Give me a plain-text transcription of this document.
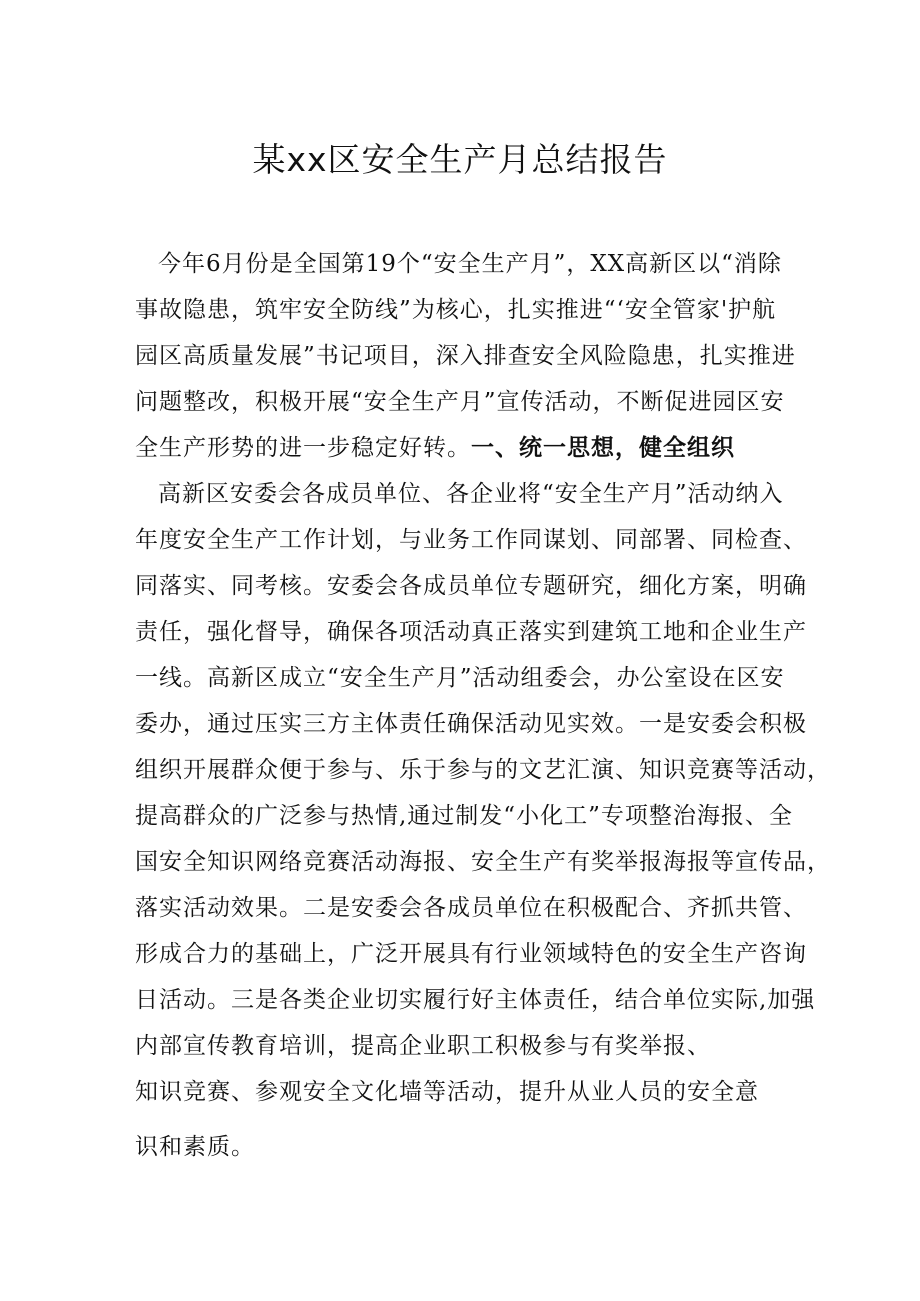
某xx区安全生产月总结报告
今年6月份是全国第19个“安全生产月”，XX高新区以“消除
事故隐患，筑牢安全防线”为核心，扎实推进“‘安全管家'护航
园区高质量发展”书记项目，深入排查安全风险隐患，扎实推进
问题整改，积极开展“安全生产月”宣传活动，不断促进园区安
全生产形势的进一步稳定好转。一、统一思想，健全组织
高新区安委会各成员单位、各企业将“安全生产月”活动纳入
年度安全生产工作计划，与业务工作同谋划、同部署、同检查、
同落实、同考核。安委会各成员单位专题研究，细化方案，明确
责任，强化督导，确保各项活动真正落实到建筑工地和企业生产
一线。高新区成立“安全生产月”活动组委会，办公室设在区安
委办，通过压实三方主体责任确保活动见实效。一是安委会积极
组织开展群众便于参与、乐于参与的文艺汇演、知识竞赛等活动，
提高群众的广泛参与热情,通过制发“小化工”专项整治海报、全
国安全知识网络竞赛活动海报、安全生产有奖举报海报等宣传品，
落实活动效果。二是安委会各成员单位在积极配合、齐抓共管、
形成合力的基础上，广泛开展具有行业领域特色的安全生产咨询
日活动。三是各类企业切实履行好主体责任，结合单位实际,加强
内部宣传教育培训，提高企业职工积极参与有奖举报、
知识竞赛、参观安全文化墙等活动，提升从业人员的安全意
识和素质。
